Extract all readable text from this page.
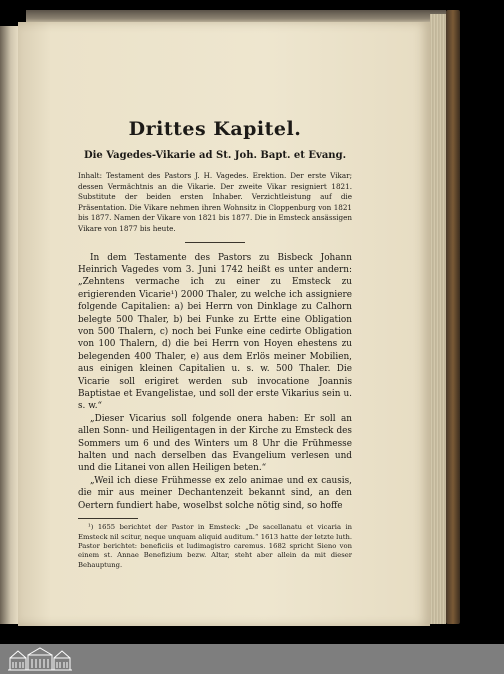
Drittes Kapitel.
Die Vagedes-Vikarie ad St. Joh. Bapt. et Evang.
Inhalt: Testament des Pastors J. H. Vagedes. Erektion. Der erste Vikar; dessen Vermächtnis an die Vikarie. Der zweite Vikar resigniert 1821. Substitute der beiden ersten Inhaber. Verzichtleistung auf die Präsentation. Die Vikare nehmen ihren Wohnsitz in Cloppenburg von 1821 bis 1877. Namen der Vikare von 1821 bis 1877. Die in Emsteck ansässigen Vikare von 1877 bis heute.

In dem Testamente des Pastors zu Bisbeck Johann Heinrich Vagedes vom 3. Juni 1742 heißt es unter andern: „Zehntens vermache ich zu einer zu Emsteck zu erigierenden Vicarie¹) 2000 Thaler, zu welche ich assigniere folgende Capitalien: a) bei Herrn von Dinklage zu Calhorn belegte 500 Thaler, b) bei Funke zu Ertte eine Obligation von 500 Thalern, c) noch bei Funke eine cedirte Obligation von 100 Thalern, d) die bei Herrn von Hoyen ehestens zu belegenden 400 Thaler, e) aus dem Erlös meiner Mobilien, aus einigen kleinen Capitalien u. s. w. 500 Thaler. Die Vicarie soll erigiret werden sub invocatione Joannis Baptistae et Evangelistae, und soll der erste Vikarius sein u. s. w.“

„Dieser Vicarius soll folgende onera haben: Er soll an allen Sonn- und Heiligentagen in der Kirche zu Emsteck des Sommers um 6 und des Winters um 8 Uhr die Frühmesse halten und nach derselben das Evangelium verlesen und und die Litanei von allen Heiligen beten.“

„Weil ich diese Frühmesse ex zelo animae und ex causis, die mir aus meiner Dechantenzeit bekannt sind, an den Oertern fundiert habe, woselbst solche nötig sind, so hoffe

¹) 1655 berichtet der Pastor in Emsteck: „De sacellanatu et vicaria in Emsteck nil scitur, neque unquam aliquid auditum.“ 1613 hatte der letzte luth. Pastor berichtet: beneficiis et ludimagistro caremus. 1682 spricht Sieno von einem st. Annae Benefizium bezw. Altar, steht aber allein da mit dieser Behauptung.
